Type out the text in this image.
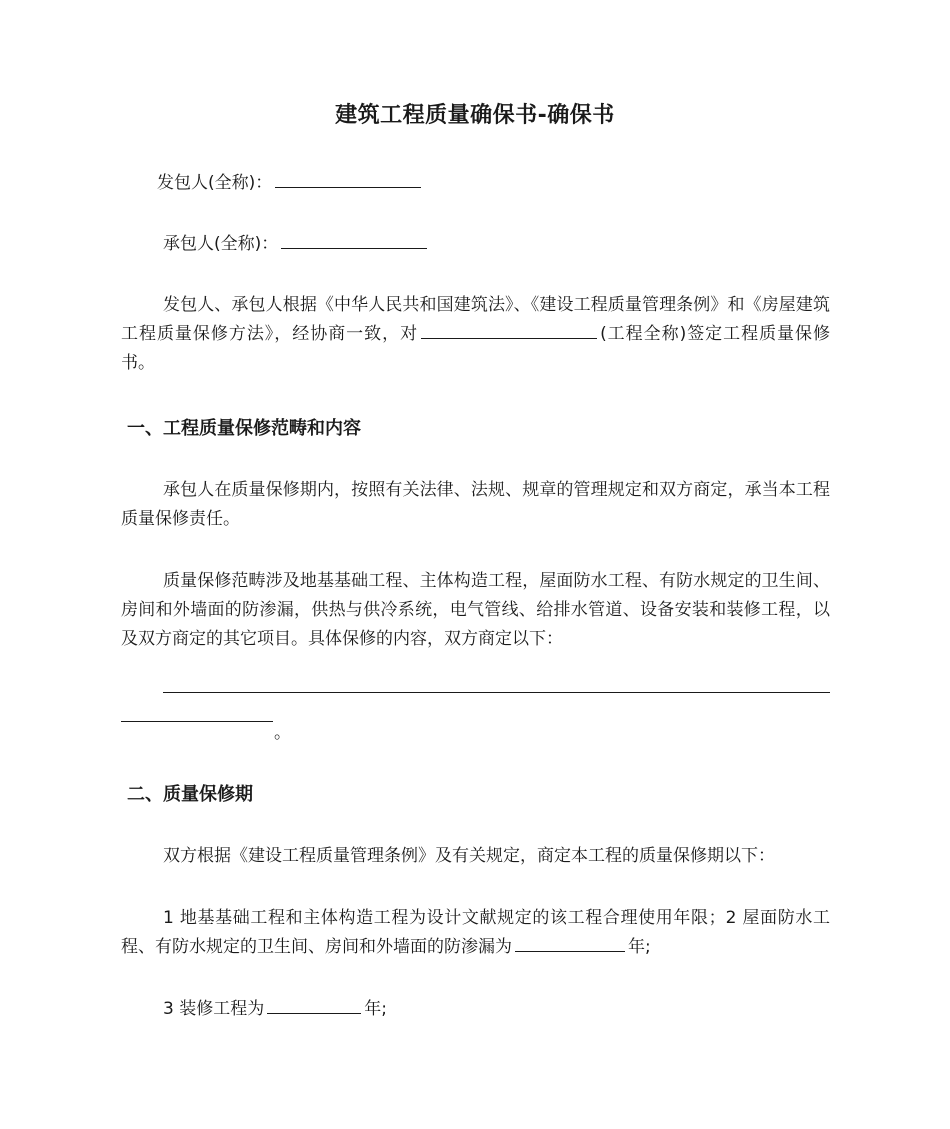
建筑工程质量确保书-确保书
发包人(全称)：
承包人(全称)：
发包人、承包人根据《中华人民共和国建筑法》、《建设工程质量管理条例》和《房屋建筑工程质量保修方法》，经协商一致，对	(工程全称)签定工程质量保修书。
一、工程质量保修范畴和内容
承包人在质量保修期内，按照有关法律、法规、规章的管理规定和双方商定，承当本工程质量保修责任。
质量保修范畴涉及地基基础工程、主体构造工程，屋面防水工程、有防水规定的卫生间、房间和外墙面的防渗漏，供热与供冷系统，电气管线、给排水管道、设备安装和装修工程，以及双方商定的其它项目。具体保修的内容，双方商定以下：
。
二、质量保修期
双方根据《建设工程质量管理条例》及有关规定，商定本工程的质量保修期以下：
1 地基基础工程和主体构造工程为设计文献规定的该工程合理使用年限；2 屋面防水工程、有防水规定的卫生间、房间和外墙面的防渗漏为	年;
3 装修工程为	年;
